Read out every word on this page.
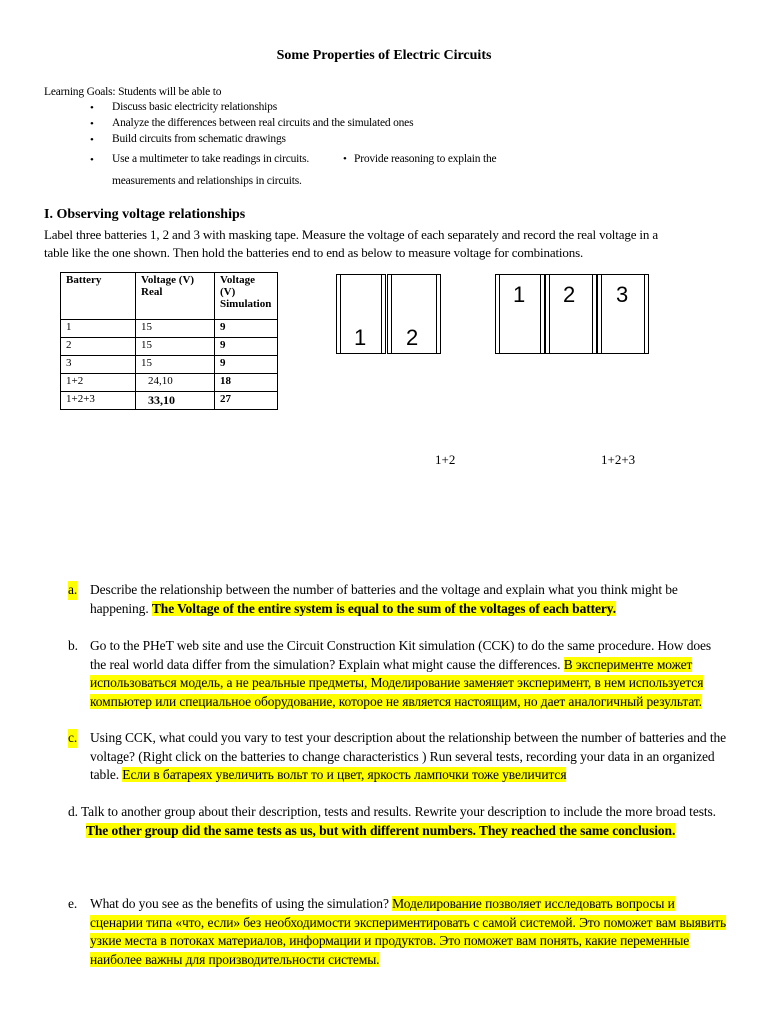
Some Properties of Electric Circuits
Learning Goals: Students will be able to
• Discuss basic electricity relationships
• Analyze the differences between real circuits and the simulated ones
• Build circuits from schematic drawings
• Use a multimeter to take readings in circuits.	• Provide reasoning to explain the
measurements and relationships in circuits.
I. Observing voltage relationships
Label three batteries 1, 2 and 3 with masking tape. Measure the voltage of each separately and record the real voltage in a
table like the one shown. Then hold the batteries end to end as below to measure voltage for combinations.
Battery	Voltage (V) Real	Voltage (V) Simulation
1	15	9
2	15	9
3	15	9
1+2	24,10	18
1+2+3	33,10	27
1 2
1 2 3
1+2	1+2+3
a. Describe the relationship between the number of batteries and the voltage and explain what you think might be happening. The Voltage of the entire system is equal to the sum of the voltages of each battery.
b. Go to the PHeT web site and use the Circuit Construction Kit simulation (CCK) to do the same procedure. How does the real world data differ from the simulation? Explain what might cause the differences. В эксперименте может использоваться модель, а не реальные предметы, Моделирование заменяет эксперимент, в нем используется компьютер или специальное оборудование, которое не является настоящим, но дает аналогичный результат.
c. Using CCK, what could you vary to test your description about the relationship between the number of batteries and the voltage? (Right click on the batteries to change characteristics ) Run several tests, recording your data in an organized table. Если в батареях увеличить вольт то и цвет, яркость лампочки тоже увеличится
d. Talk to another group about their description, tests and results. Rewrite your description to include the more broad tests. The other group did the same tests as us, but with different numbers. They reached the same conclusion.
e. What do you see as the benefits of using the simulation? Моделирование позволяет исследовать вопросы и сценарии типа «что, если» без необходимости экспериментировать с самой системой. Это поможет вам выявить узкие места в потоках материалов, информации и продуктов. Это поможет вам понять, какие переменные наиболее важны для производительности системы.
